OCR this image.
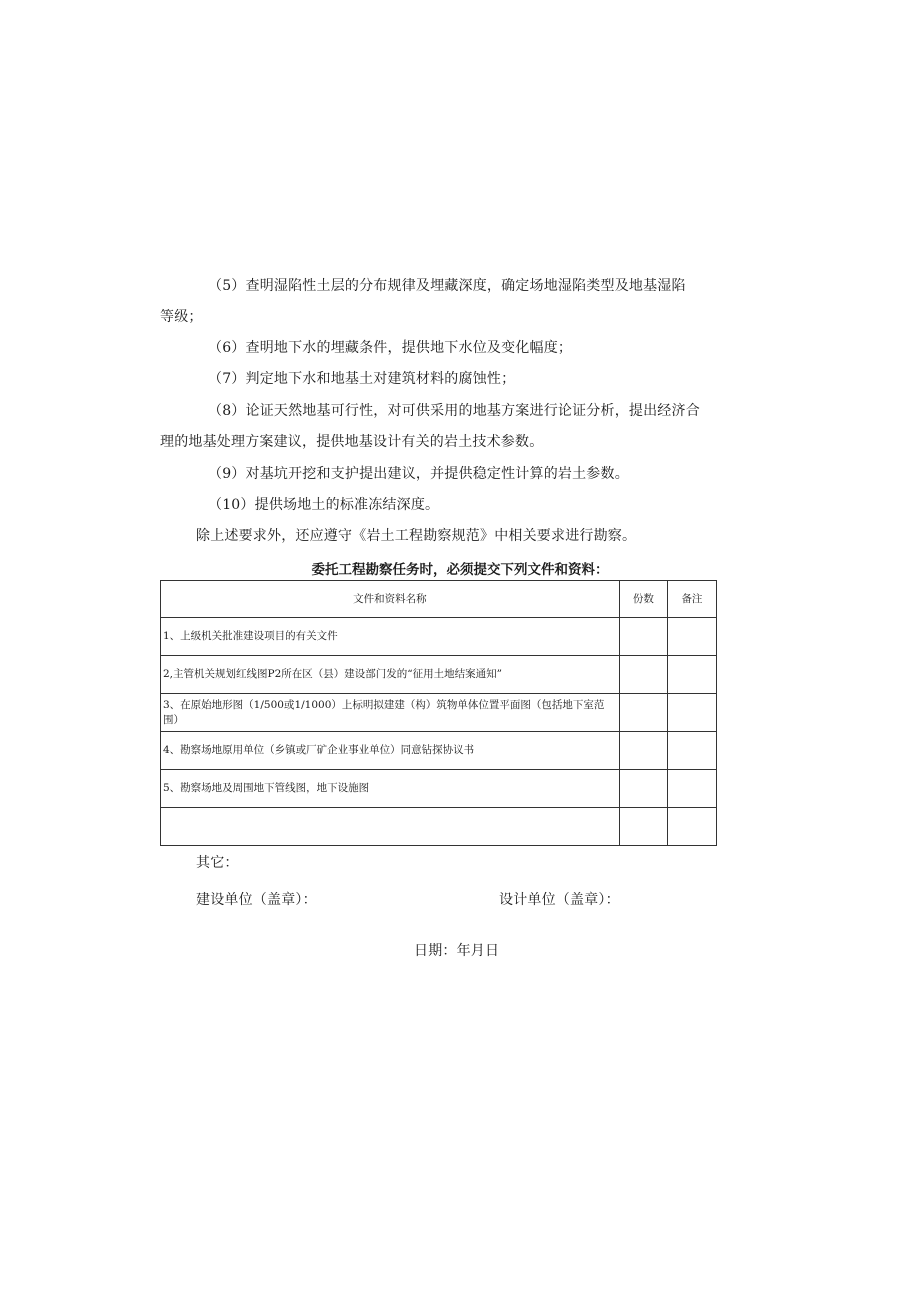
（5）查明湿陷性土层的分布规律及埋藏深度，确定场地湿陷类型及地基湿陷
等级；
（6）查明地下水的埋藏条件，提供地下水位及变化幅度；
（7）判定地下水和地基土对建筑材料的腐蚀性；
（8）论证天然地基可行性，对可供采用的地基方案进行论证分析，提出经济合
理的地基处理方案建议，提供地基设计有关的岩土技术参数。
（9）对基坑开挖和支护提出建议，并提供稳定性计算的岩土参数。
（10）提供场地土的标准冻结深度。
除上述要求外，还应遵守《岩土工程勘察规范》中相关要求进行勘察。
委托工程勘察任务时，必须提交下列文件和资料：
文件和资料名称	份数	备注
1、上级机关批准建设项目的有关文件		
2,主管机关规划红线图P2所在区（县）建设部门发的“征用土地结案通知”		
3、在原始地形图（1/500或1/1000）上标明拟建建（构）筑物单体位置平面图（包括地下室范围）		
4、勘察场地原用单位（乡镇或厂矿企业事业单位）同意钻探协议书		
5、勘察场地及周围地下管线图，地下设施图		

其它：
建设单位（盖章）：	设计单位（盖章）：
日期：年月日
